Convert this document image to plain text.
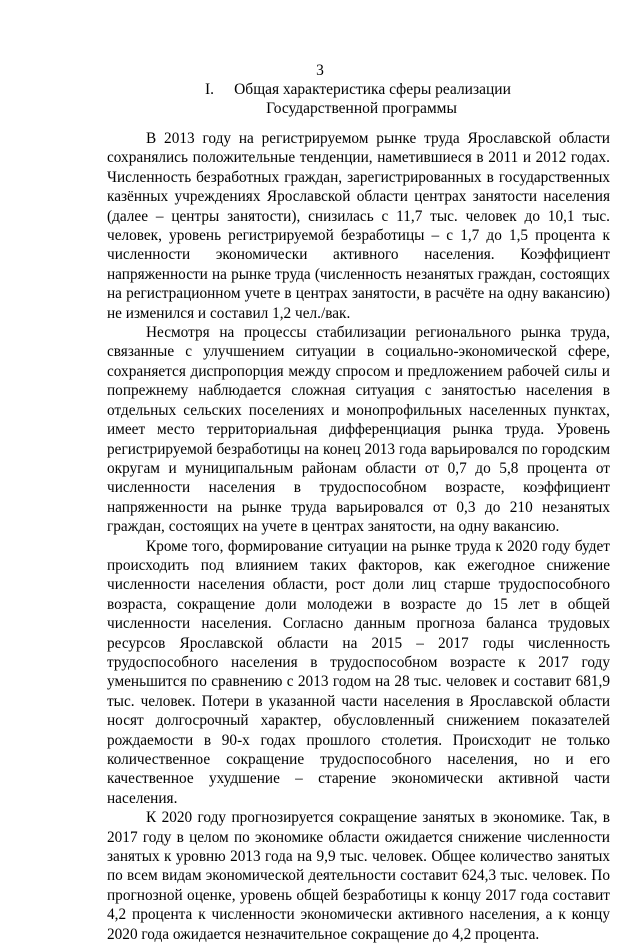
3
I. Общая характеристика сферы реализации
Государственной программы

В 2013 году на регистрируемом рынке труда Ярославской области сохранялись положительные тенденции, наметившиеся в 2011 и 2012 годах. Численность безработных граждан, зарегистрированных в государственных казённых учреждениях Ярославской области центрах занятости населения (далее – центры занятости), снизилась с 11,7 тыс. человек до 10,1 тыс. человек, уровень регистрируемой безработицы – с 1,7 до 1,5 процента к численности экономически активного населения. Коэффициент напряженности на рынке труда (численность незанятых граждан, состоящих на регистрационном учете в центрах занятости, в расчёте на одну вакансию) не изменился и составил 1,2 чел./вак.

Несмотря на процессы стабилизации регионального рынка труда, связанные с улучшением ситуации в социально-экономической сфере, сохраняется диспропорция между спросом и предложением рабочей силы и попрежнему наблюдается сложная ситуация с занятостью населения в отдельных сельских поселениях и монопрофильных населенных пунктах, имеет место территориальная дифференциация рынка труда. Уровень регистрируемой безработицы на конец 2013 года варьировался по городским округам и муниципальным районам области от 0,7 до 5,8 процента от численности населения в трудоспособном возрасте, коэффициент напряженности на рынке труда варьировался от 0,3 до 210 незанятых граждан, состоящих на учете в центрах занятости, на одну вакансию.

Кроме того, формирование ситуации на рынке труда к 2020 году будет происходить под влиянием таких факторов, как ежегодное снижение численности населения области, рост доли лиц старше трудоспособного возраста, сокращение доли молодежи в возрасте до 15 лет в общей численности населения. Согласно данным прогноза баланса трудовых ресурсов Ярославской области на 2015 – 2017 годы численность трудоспособного населения в трудоспособном возрасте к 2017 году уменьшится по сравнению с 2013 годом на 28 тыс. человек и составит 681,9 тыс. человек. Потери в указанной части населения в Ярославской области носят долгосрочный характер, обусловленный снижением показателей рождаемости в 90-х годах прошлого столетия. Происходит не только количественное сокращение трудоспособного населения, но и его качественное ухудшение – старение экономически активной части населения.

К 2020 году прогнозируется сокращение занятых в экономике. Так, в 2017 году в целом по экономике области ожидается снижение численности занятых к уровню 2013 года на 9,9 тыс. человек. Общее количество занятых по всем видам экономической деятельности составит 624,3 тыс. человек. По прогнозной оценке, уровень общей безработицы к концу 2017 года составит 4,2 процента к численности экономически активного населения, а к концу 2020 года ожидается незначительное сокращение до 4,2 процента.
